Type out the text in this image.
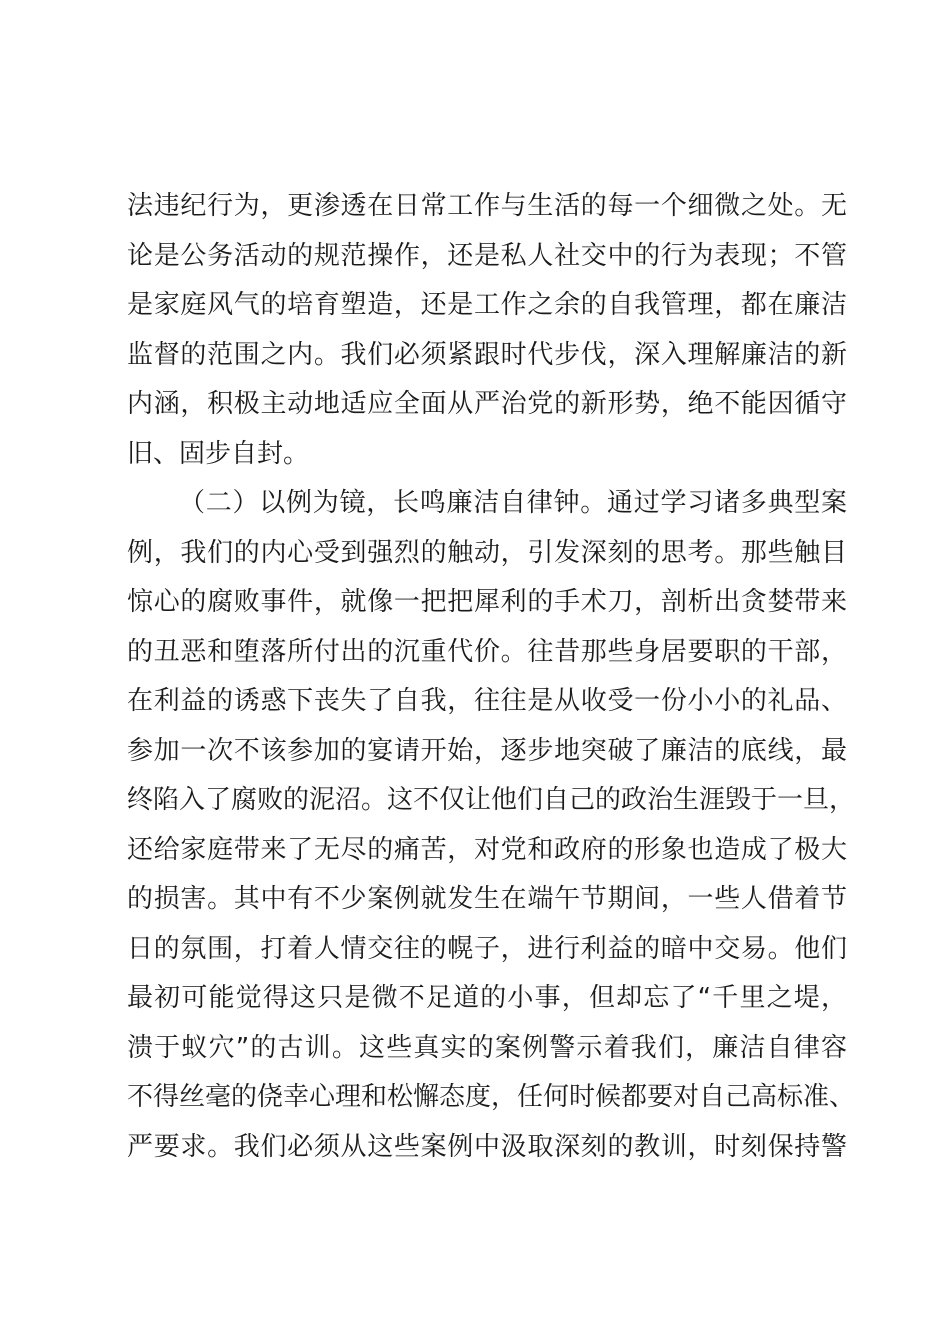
法违纪行为，更渗透在日常工作与生活的每一个细微之处。无
论是公务活动的规范操作，还是私人社交中的行为表现；不管
是家庭风气的培育塑造，还是工作之余的自我管理，都在廉洁
监督的范围之内。我们必须紧跟时代步伐，深入理解廉洁的新
内涵，积极主动地适应全面从严治党的新形势，绝不能因循守
旧、固步自封。
（二）以例为镜，长鸣廉洁自律钟。通过学习诸多典型案
例，我们的内心受到强烈的触动，引发深刻的思考。那些触目
惊心的腐败事件，就像一把把犀利的手术刀，剖析出贪婪带来
的丑恶和堕落所付出的沉重代价。往昔那些身居要职的干部，
在利益的诱惑下丧失了自我，往往是从收受一份小小的礼品、
参加一次不该参加的宴请开始，逐步地突破了廉洁的底线，最
终陷入了腐败的泥沼。这不仅让他们自己的政治生涯毁于一旦，
还给家庭带来了无尽的痛苦，对党和政府的形象也造成了极大
的损害。其中有不少案例就发生在端午节期间，一些人借着节
日的氛围，打着人情交往的幌子，进行利益的暗中交易。他们
最初可能觉得这只是微不足道的小事，但却忘了“千里之堤，
溃于蚁穴”的古训。这些真实的案例警示着我们，廉洁自律容
不得丝毫的侥幸心理和松懈态度，任何时候都要对自己高标准、
严要求。我们必须从这些案例中汲取深刻的教训，时刻保持警
